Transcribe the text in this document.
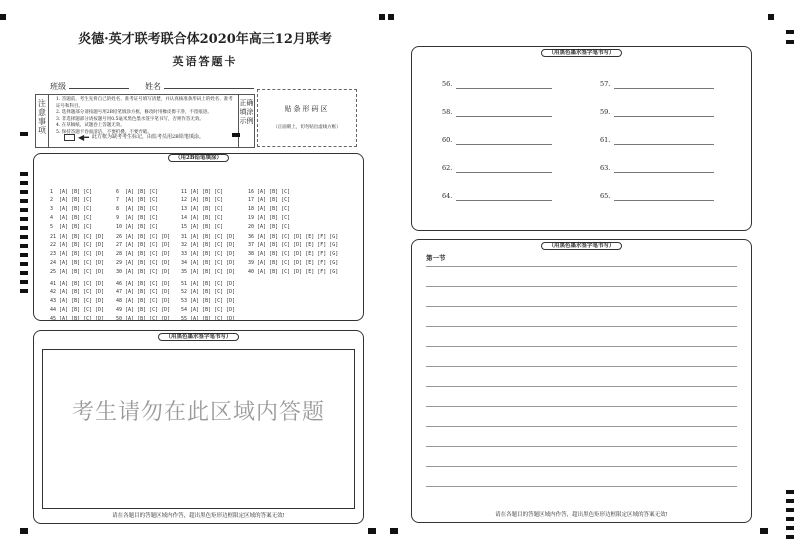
炎德·英才联考联合体2020年高三12月联考
英语答题卡
班级	姓名
注意事项
1. 答题前，考生先将自己的姓名、准考证号填写清楚，并认真核准条形码上的姓名、准考证号和科目。
2. 选择题部分请按题号用2B铅笔填涂方框，修改时用橡皮擦干净，不留痕迹。
3. 非选择题部分请按题号用0.5毫米黑色墨水签字笔书写，否则作答无效。
4. 在草稿纸、试题卷上答题无效。
5. 保持答题卡卷面清洁，不要折叠、不要弄破。
◀━ 此方框为缺考考生标记，由监考员用2B铅笔填涂。
正确填涂示例
贴条形码区
（正面朝上，切勿贴出虚线方框）
（用2B铅笔填涂）

1  [A] [B] [C]
2  [A] [B] [C]
3  [A] [B] [C]
4  [A] [B] [C]
5  [A] [B] [C]

6  [A] [B] [C]
7  [A] [B] [C]
8  [A] [B] [C]
9  [A] [B] [C]
10 [A] [B] [C]

11 [A] [B] [C]
12 [A] [B] [C]
13 [A] [B] [C]
14 [A] [B] [C]
15 [A] [B] [C]

16 [A] [B] [C]
17 [A] [B] [C]
18 [A] [B] [C]
19 [A] [B] [C]
20 [A] [B] [C]

21 [A] [B] [C] [D]
22 [A] [B] [C] [D]
23 [A] [B] [C] [D]
24 [A] [B] [C] [D]
25 [A] [B] [C] [D]

26 [A] [B] [C] [D]
27 [A] [B] [C] [D]
28 [A] [B] [C] [D]
29 [A] [B] [C] [D]
30 [A] [B] [C] [D]

31 [A] [B] [C] [D]
32 [A] [B] [C] [D]
33 [A] [B] [C] [D]
34 [A] [B] [C] [D]
35 [A] [B] [C] [D]

36 [A] [B] [C] [D] [E] [F] [G]
37 [A] [B] [C] [D] [E] [F] [G]
38 [A] [B] [C] [D] [E] [F] [G]
39 [A] [B] [C] [D] [E] [F] [G]
40 [A] [B] [C] [D] [E] [F] [G]

41 [A] [B] [C] [D]
42 [A] [B] [C] [D]
43 [A] [B] [C] [D]
44 [A] [B] [C] [D]
45 [A] [B] [C] [D]

46 [A] [B] [C] [D]
47 [A] [B] [C] [D]
48 [A] [B] [C] [D]
49 [A] [B] [C] [D]
50 [A] [B] [C] [D]

51 [A] [B] [C] [D]
52 [A] [B] [C] [D]
53 [A] [B] [C] [D]
54 [A] [B] [C] [D]
55 [A] [B] [C] [D]

（用黑色墨水签字笔书写）
考生请勿在此区域内答题
请在各题目的答题区域内作答，超出黑色矩形边框限定区域的答案无效!
（用黑色墨水签字笔书写）
56.
58.
60.
62.
64.
57.
59.
61.
63.
65.
（用黑色墨水签字笔书写）
第一节
请在各题目的答题区域内作答，超出黑色矩形边框限定区域的答案无效!
